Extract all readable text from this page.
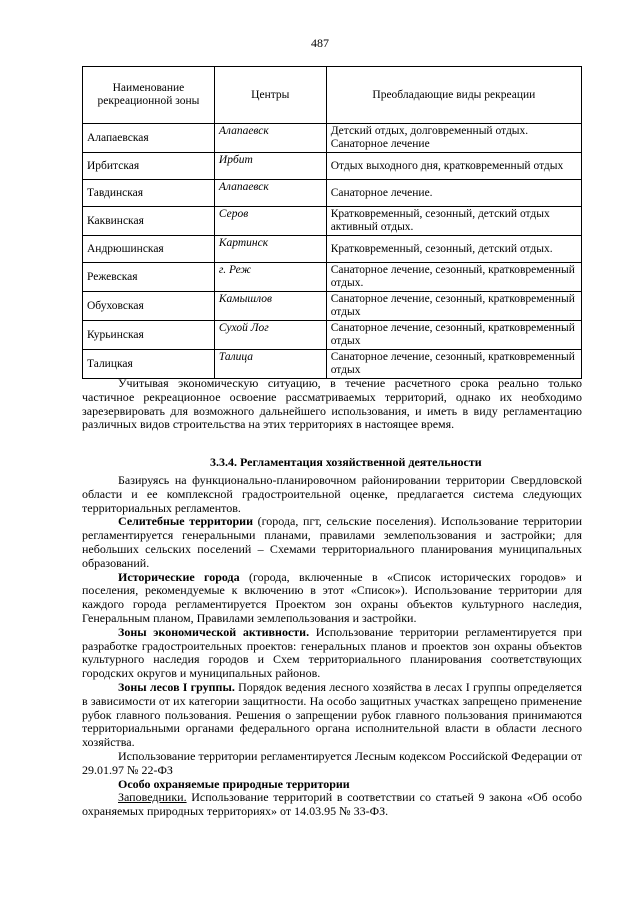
487
Наименование рекреационной зоны	Центры	Преобладающие виды рекреации
Алапаевская	Алапаевск	Детский отдых, долговременный отдых. Санаторное лечение
Ирбитская	Ирбит	Отдых выходного дня, кратковременный отдых
Тавдинская	Алапаевск	Санаторное лечение.
Каквинская	Серов	Кратковременный, сезонный, детский отдых активный отдых.
Андрюшинская	Картинск	Кратковременный, сезонный, детский отдых.
Режевская	г. Реж	Санаторное лечение, сезонный, кратковременный отдых.
Обуховская	Камышлов	Санаторное лечение, сезонный, кратковременный отдых
Курьинская	Сухой Лог	Санаторное лечение, сезонный, кратковременный отдых
Талицкая	Талица	Санаторное лечение, сезонный, кратковременный отдых

Учитывая экономическую ситуацию, в течение расчетного срока реально только частичное рекреационное освоение рассматриваемых территорий, однако их необходимо зарезервировать для возможного дальнейшего использования, и иметь в виду регламентацию различных видов строительства на этих территориях в настоящее время.

3.3.4. Регламентация хозяйственной деятельности

Базируясь на функционально-планировочном районировании территории Свердловской области и ее комплексной градостроительной оценке, предлагается система следующих территориальных регламентов.

Селитебные территории (города, пгт, сельские поселения). Использование территории регламентируется генеральными планами, правилами землепользования и застройки; для небольших сельских поселений – Схемами территориального планирования муниципальных образований.

Исторические города (города, включенные в «Список исторических городов» и поселения, рекомендуемые к включению в этот «Список»). Использование территории для каждого города регламентируется Проектом зон охраны объектов культурного наследия, Генеральным планом, Правилами землепользования и застройки.

Зоны экономической активности. Использование территории регламентируется при разработке градостроительных проектов: генеральных планов и проектов зон охраны объектов культурного наследия городов и Схем территориального планирования соответствующих городских округов и муниципальных районов.

Зоны лесов I группы. Порядок ведения лесного хозяйства в лесах I группы определяется в зависимости от их категории защитности. На особо защитных участках запрещено применение рубок главного пользования. Решения о запрещении рубок главного пользования принимаются территориальными органами федерального органа исполнительной власти в области лесного хозяйства.

Использование территории регламентируется Лесным кодексом Российской Федерации от 29.01.97 № 22-ФЗ

Особо охраняемые природные территории

Заповедники. Использование территорий в соответствии со статьей 9 закона «Об особо охраняемых природных территориях» от 14.03.95 № 33-ФЗ.
